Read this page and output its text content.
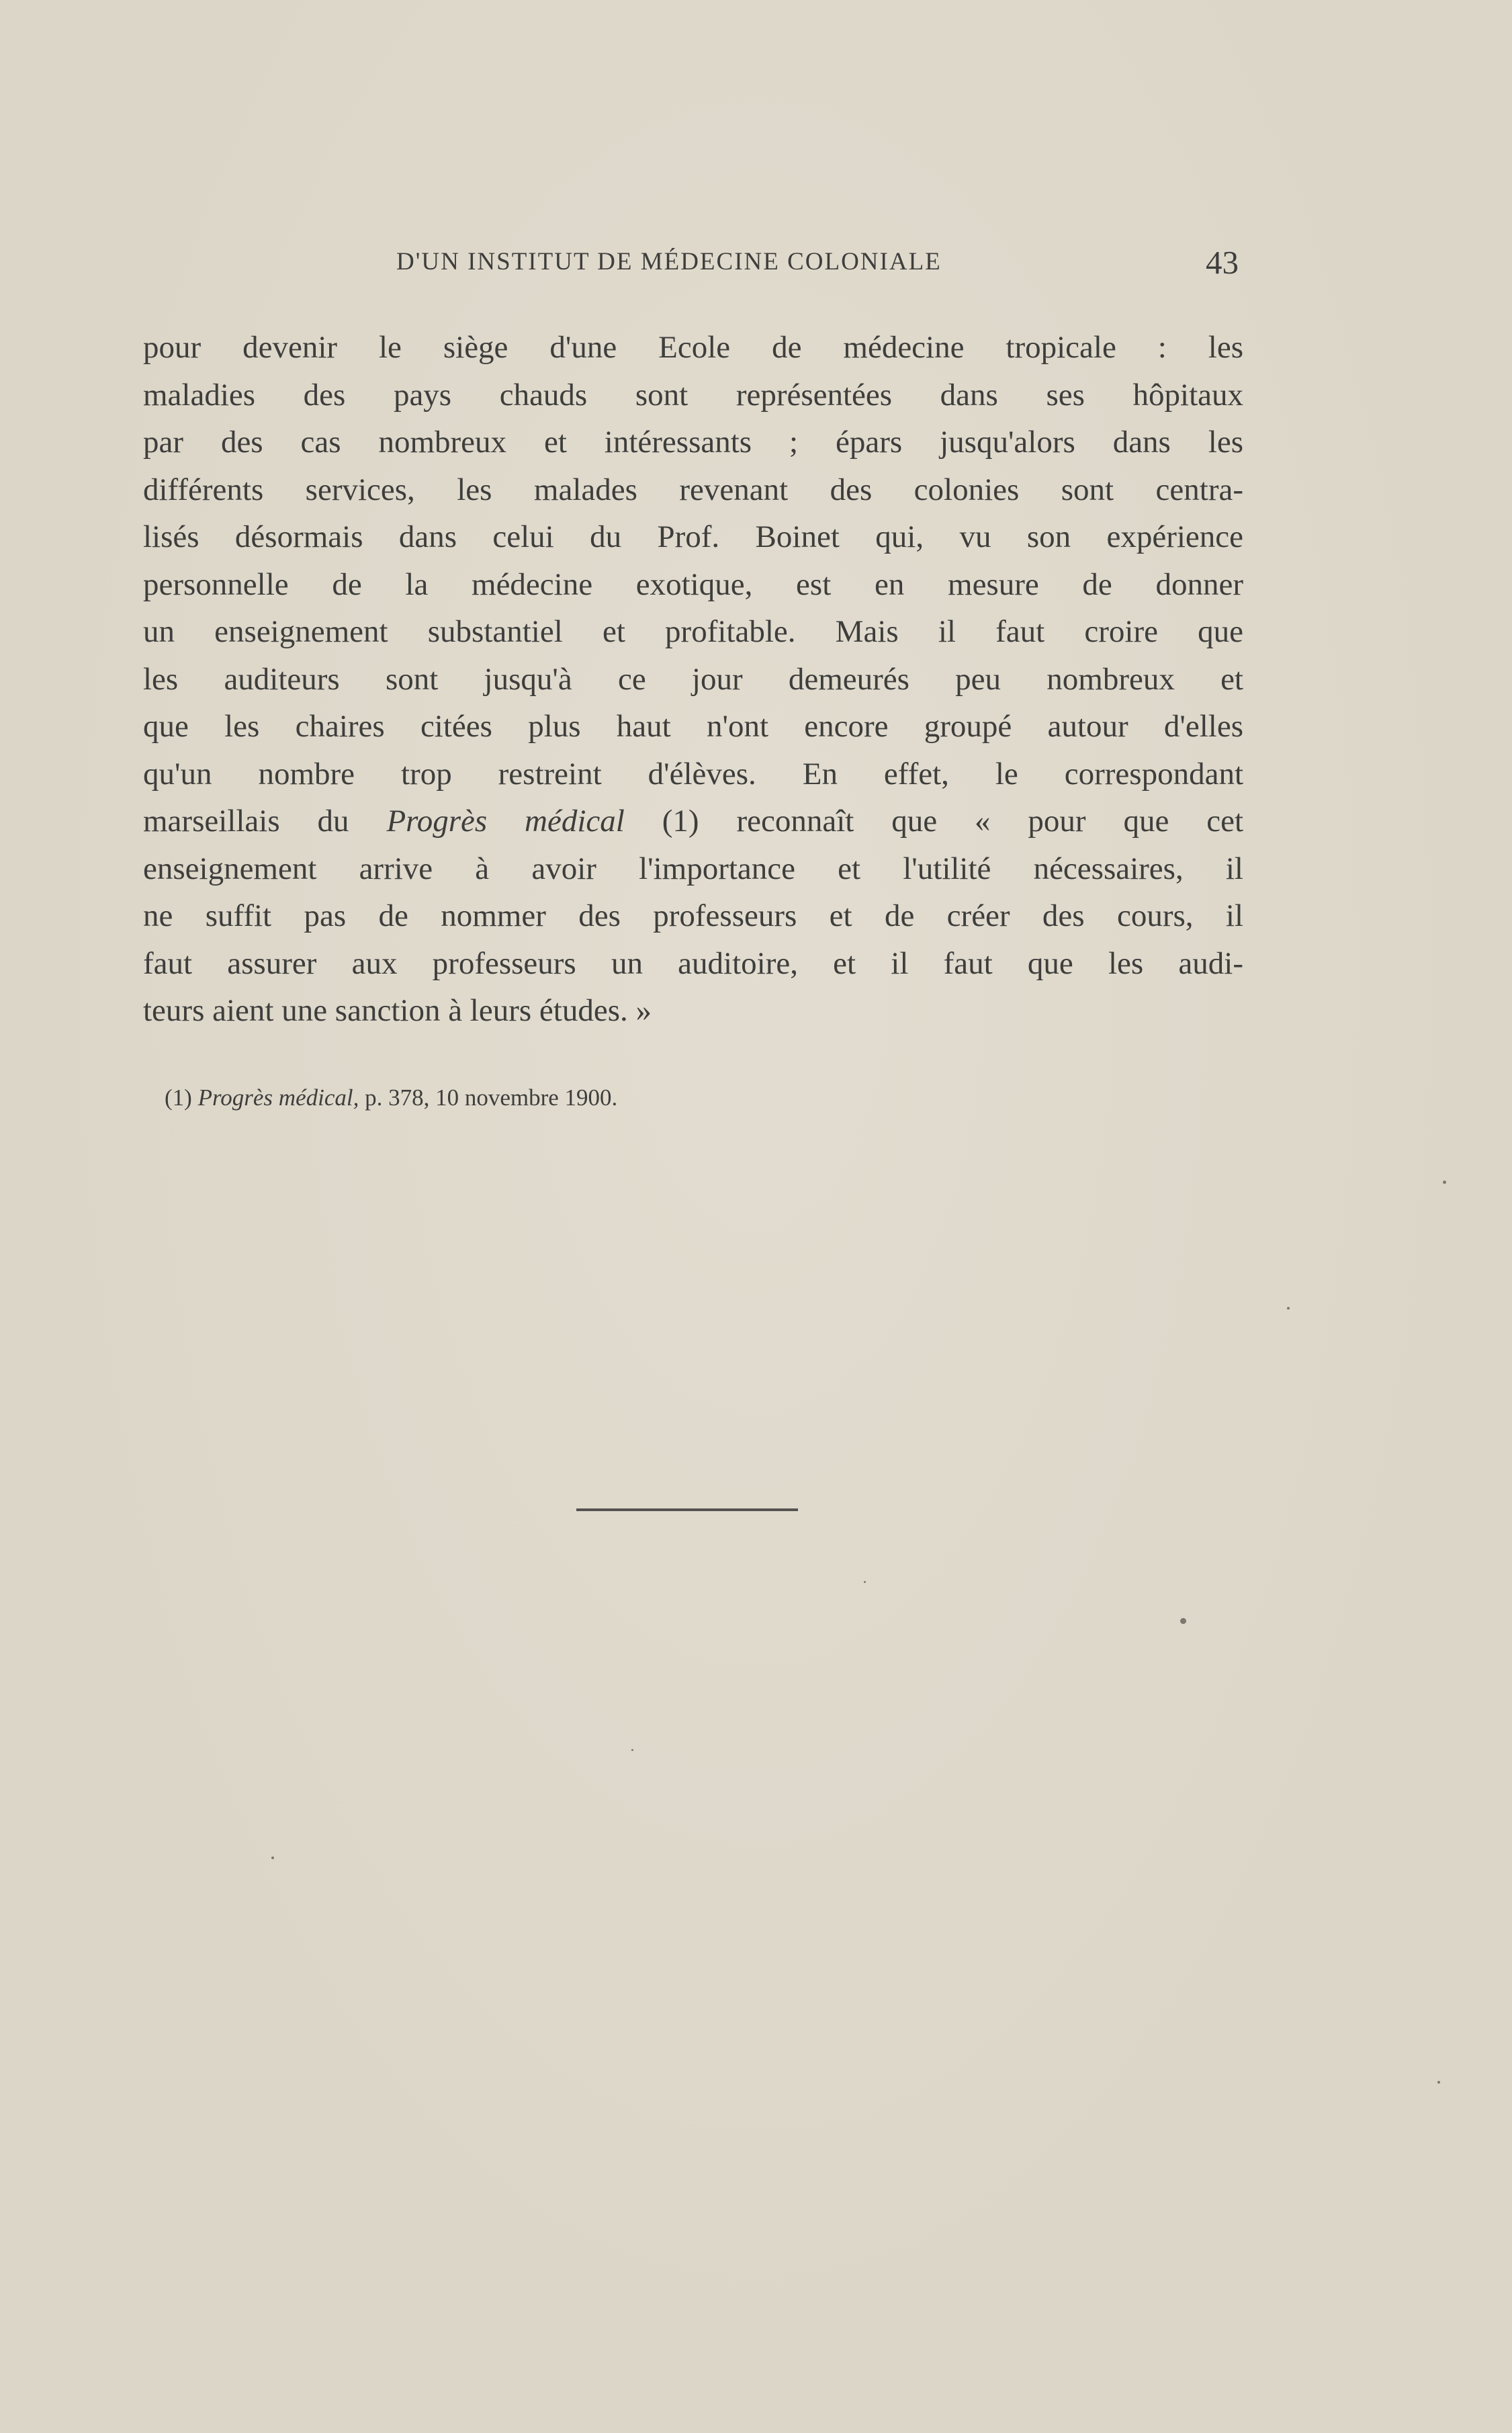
D'UN INSTITUT DE MÉDECINE COLONIALE	43
pour devenir le siège d'une Ecole de médecine tropicale : les
maladies des pays chauds sont représentées dans ses hôpitaux
par des cas nombreux et intéressants ; épars jusqu'alors dans les
différents services, les malades revenant des colonies sont centra-
lisés désormais dans celui du Prof. Boinet qui, vu son expérience
personnelle de la médecine exotique, est en mesure de donner
un enseignement substantiel et profitable. Mais il faut croire que
les auditeurs sont jusqu'à ce jour demeurés peu nombreux et
que les chaires citées plus haut n'ont encore groupé autour d'elles
qu'un nombre trop restreint d'élèves. En effet, le correspondant
marseillais du Progrès médical (1) reconnaît que « pour que cet
enseignement arrive à avoir l'importance et l'utilité nécessaires, il
ne suffit pas de nommer des professeurs et de créer des cours, il
faut assurer aux professeurs un auditoire, et il faut que les audi-
teurs aient une sanction à leurs études. »
(1) Progrès médical, p. 378, 10 novembre 1900.
